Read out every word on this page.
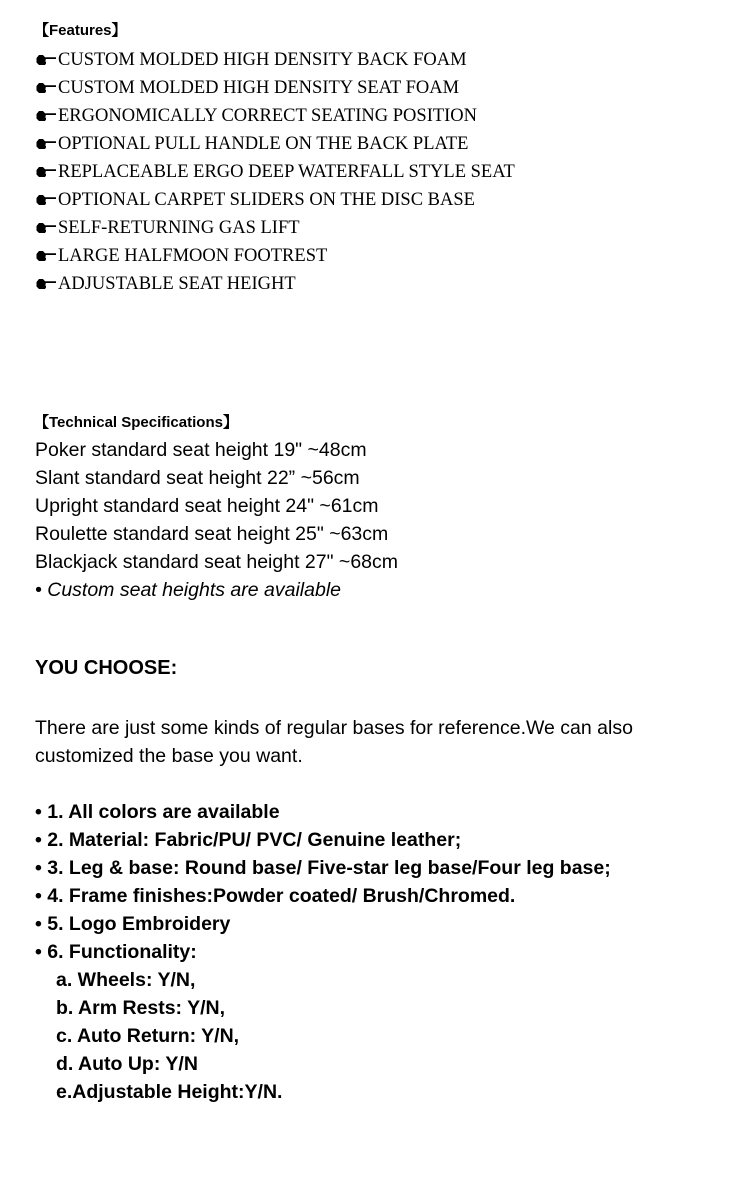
【Features】
CUSTOM MOLDED HIGH DENSITY BACK FOAM
CUSTOM MOLDED HIGH DENSITY SEAT FOAM
ERGONOMICALLY CORRECT SEATING POSITION
OPTIONAL PULL HANDLE ON THE BACK PLATE
REPLACEABLE ERGO DEEP WATERFALL STYLE SEAT
OPTIONAL CARPET SLIDERS ON THE DISC BASE
SELF-RETURNING GAS LIFT
LARGE HALFMOON FOOTREST
ADJUSTABLE SEAT HEIGHT
【Technical Specifications】
Poker standard seat height 19" ~48cm
Slant standard seat height 22” ~56cm
Upright standard seat height 24" ~61cm
Roulette standard seat height 25" ~63cm
Blackjack standard seat height 27" ~68cm
• Custom seat heights are available
YOU CHOOSE:
There are just some kinds of regular bases for reference.We can also customized the base you want.
• 1. All colors are available
• 2. Material: Fabric/PU/ PVC/ Genuine leather;
• 3. Leg & base: Round base/ Five-star leg base/Four leg base;
• 4. Frame finishes:Powder coated/ Brush/Chromed.
• 5. Logo Embroidery
• 6. Functionality:
a. Wheels: Y/N,
b. Arm Rests: Y/N,
c. Auto Return: Y/N,
d. Auto Up: Y/N
e.Adjustable Height:Y/N.
